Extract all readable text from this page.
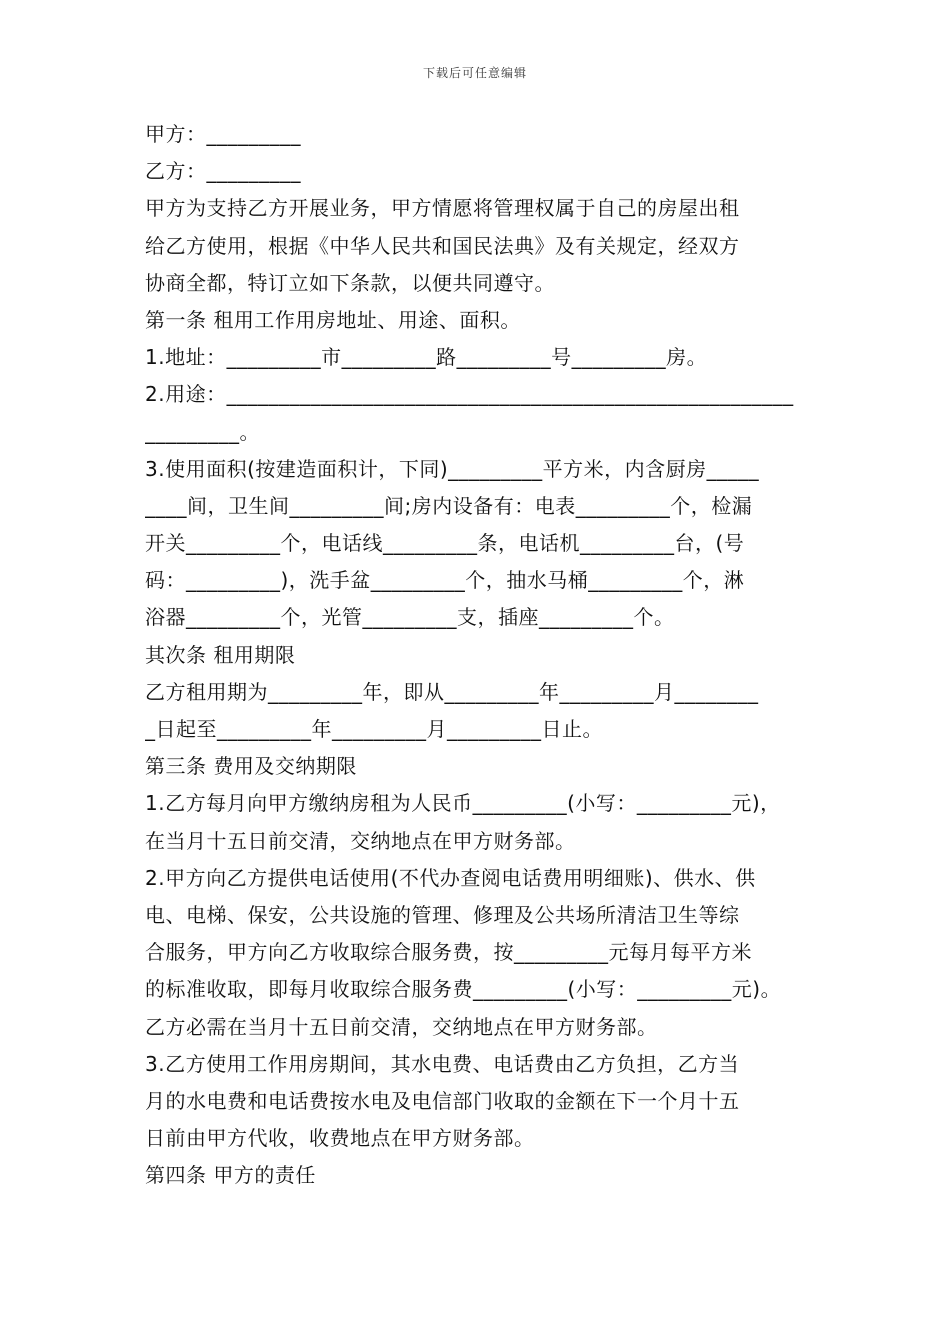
下载后可任意编辑
甲方：_________
乙方：_________
甲方为支持乙方开展业务，甲方情愿将管理权属于自己的房屋出租
给乙方使用，根据《中华人民共和国民法典》及有关规定，经双方
协商全都，特订立如下条款，以便共同遵守。
第一条 租用工作用房地址、用途、面积。
1.地址：_________市_________路_________号_________房。
2.用途：______________________________________________________
_________。
3.使用面积(按建造面积计，下同)_________平方米，内含厨房_____
____间，卫生间_________间;房内设备有：电表_________个，检漏
开关_________个，电话线_________条，电话机_________台，(号
码：_________)，洗手盆_________个，抽水马桶_________个，淋
浴器_________个，光管_________支，插座_________个。
其次条 租用期限
乙方租用期为_________年，即从_________年_________月________
_日起至_________年_________月_________日止。
第三条 费用及交纳期限
1.乙方每月向甲方缴纳房租为人民币_________(小写：_________元)，
在当月十五日前交清，交纳地点在甲方财务部。
2.甲方向乙方提供电话使用(不代办查阅电话费用明细账)、供水、供
电、电梯、保安，公共设施的管理、修理及公共场所清洁卫生等综
合服务，甲方向乙方收取综合服务费，按_________元每月每平方米
的标准收取，即每月收取综合服务费_________(小写：_________元)。
乙方必需在当月十五日前交清，交纳地点在甲方财务部。
3.乙方使用工作用房期间，其水电费、电话费由乙方负担，乙方当
月的水电费和电话费按水电及电信部门收取的金额在下一个月十五
日前由甲方代收，收费地点在甲方财务部。
第四条 甲方的责任
